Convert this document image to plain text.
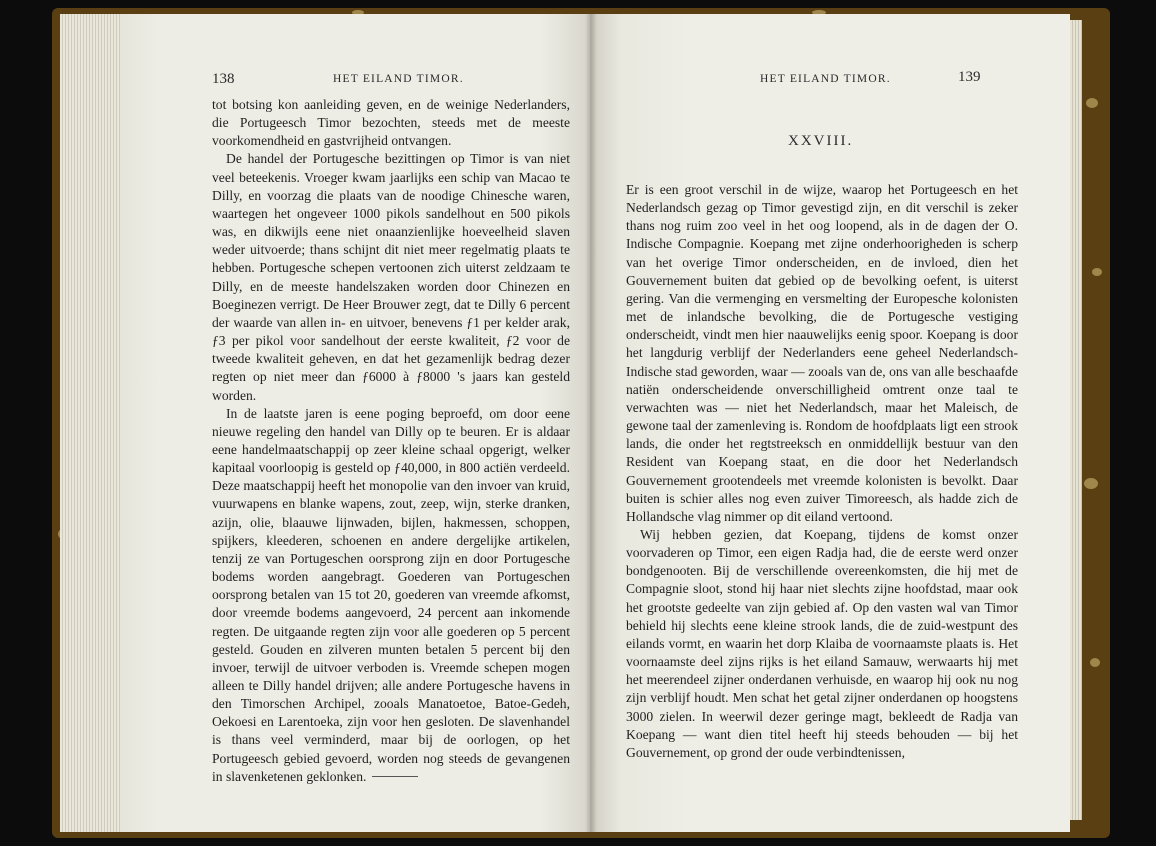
138	HET EILAND TIMOR.

tot botsing kon aanleiding geven, en de weinige Nederlanders, die Portugeesch Timor bezochten, steeds met de meeste voorkomendheid en gastvrijheid ontvangen.

De handel der Portugesche bezittingen op Timor is van niet veel beteekenis. Vroeger kwam jaarlijks een schip van Macao te Dilly, en voorzag die plaats van de noodige Chinesche waren, waartegen het ongeveer 1000 pikols sandelhout en 500 pikols was, en dikwijls eene niet onaanzienlijke hoeveelheid slaven weder uitvoerde; thans schijnt dit niet meer regelmatig plaats te hebben. Portugesche schepen vertoonen zich uiterst zeldzaam te Dilly, en de meeste handelszaken worden door Chinezen en Boeginezen verrigt. De Heer Brouwer zegt, dat te Dilly 6 percent der waarde van allen in- en uitvoer, benevens ƒ1 per kelder arak, ƒ3 per pikol voor sandelhout der eerste kwaliteit, ƒ2 voor de tweede kwaliteit geheven, en dat het gezamenlijk bedrag dezer regten op niet meer dan ƒ6000 à ƒ8000 's jaars kan gesteld worden.

In de laatste jaren is eene poging beproefd, om door eene nieuwe regeling den handel van Dilly op te beuren. Er is aldaar eene handelmaatschappij op zeer kleine schaal opgerigt, welker kapitaal voorloopig is gesteld op ƒ40,000, in 800 actiën verdeeld. Deze maatschappij heeft het monopolie van den invoer van kruid, vuurwapens en blanke wapens, zout, zeep, wijn, sterke dranken, azijn, olie, blaauwe lijnwaden, bijlen, hakmessen, schoppen, spijkers, kleederen, schoenen en andere dergelijke artikelen, tenzij ze van Portugeschen oorsprong zijn en door Portugesche bodems worden aangebragt. Goederen van Portugeschen oorsprong betalen van 15 tot 20, goederen van vreemde afkomst, door vreemde bodems aangevoerd, 24 percent aan inkomende regten. De uitgaande regten zijn voor alle goederen op 5 percent gesteld. Gouden en zilveren munten betalen 5 percent bij den invoer, terwijl de uitvoer verboden is. Vreemde schepen mogen alleen te Dilly handel drijven; alle andere Portugesche havens in den Timorschen Archipel, zooals Manatoetoe, Batoe-Gedeh, Oekoesi en Larentoeka, zijn voor hen gesloten. De slavenhandel is thans veel verminderd, maar bij de oorlogen, op het Portugeesch gebied gevoerd, worden nog steeds de gevangenen in slavenketenen geklonken.

HET EILAND TIMOR.	139
XXVIII.

Er is een groot verschil in de wijze, waarop het Portugeesch en het Nederlandsch gezag op Timor gevestigd zijn, en dit verschil is zeker thans nog ruim zoo veel in het oog loopend, als in de dagen der O. Indische Compagnie. Koepang met zijne onderhoorigheden is scherp van het overige Timor onderscheiden, en de invloed, dien het Gouvernement buiten dat gebied op de bevolking oefent, is uiterst gering. Van die vermenging en versmelting der Europesche kolonisten met de inlandsche bevolking, die de Portugesche vestiging onderscheidt, vindt men hier naauwelijks eenig spoor. Koepang is door het langdurig verblijf der Nederlanders eene geheel Nederlandsch-Indische stad geworden, waar — zooals van de, ons van alle beschaafde natiën onderscheidende onverschilligheid omtrent onze taal te verwachten was — niet het Nederlandsch, maar het Maleisch, de gewone taal der zamenleving is. Rondom de hoofdplaats ligt een strook lands, die onder het regtstreeksch en onmiddellijk bestuur van den Resident van Koepang staat, en die door het Nederlandsch Gouvernement grootendeels met vreemde kolonisten is bevolkt. Daar buiten is schier alles nog even zuiver Timoreesch, als hadde zich de Hollandsche vlag nimmer op dit eiland vertoond.

Wij hebben gezien, dat Koepang, tijdens de komst onzer voorvaderen op Timor, een eigen Radja had, die de eerste werd onzer bondgenooten. Bij de verschillende overeenkomsten, die hij met de Compagnie sloot, stond hij haar niet slechts zijne hoofdstad, maar ook het grootste gedeelte van zijn gebied af. Op den vasten wal van Timor behield hij slechts eene kleine strook lands, die de zuid-westpunt des eilands vormt, en waarin het dorp Klaiba de voornaamste plaats is. Het voornaamste deel zijns rijks is het eiland Samauw, werwaarts hij met het meerendeel zijner onderdanen verhuisde, en waarop hij ook nu nog zijn verblijf houdt. Men schat het getal zijner onderdanen op hoogstens 3000 zielen. In weerwil dezer geringe magt, bekleedt de Radja van Koepang — want dien titel heeft hij steeds behouden — bij het Gouvernement, op grond der oude verbindtenissen,
